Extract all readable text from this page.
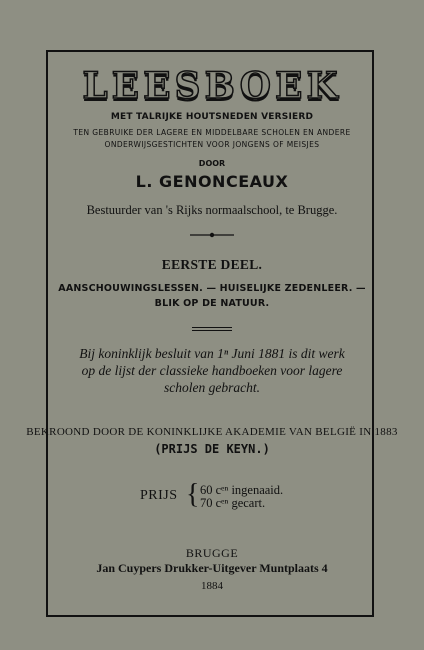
LEESBOEK
MET TALRIJKE HOUTSNEDEN VERSIERD
TEN GEBRUIKE DER LAGERE EN MIDDELBARE SCHOLEN EN ANDERE
ONDERWIJSGESTICHTEN VOOR JONGENS OF MEISJES
DOOR
L. GENONCEAUX
Bestuurder van 's Rijks normaalschool, te Brugge.
EERSTE DEEL.
AANSCHOUWINGSLESSEN. — HUISELIJKE ZEDENLEER. —
BLIK OP DE NATUUR.
Bij koninklijk besluit van 1ⁿ Juni 1881 is dit werk
op de lijst der classieke handboeken voor lagere
scholen gebracht.
BEKROOND DOOR DE KONINKLIJKE AKADEMIE VAN BELGIË IN 1883
(PRIJS DE KEYN.)
PRIJS { 60 cᵉⁿ ingenaaid.
70 cᵉⁿ gecart.
BRUGGE
Jan Cuypers Drukker-Uitgever Muntplaats 4
1884
